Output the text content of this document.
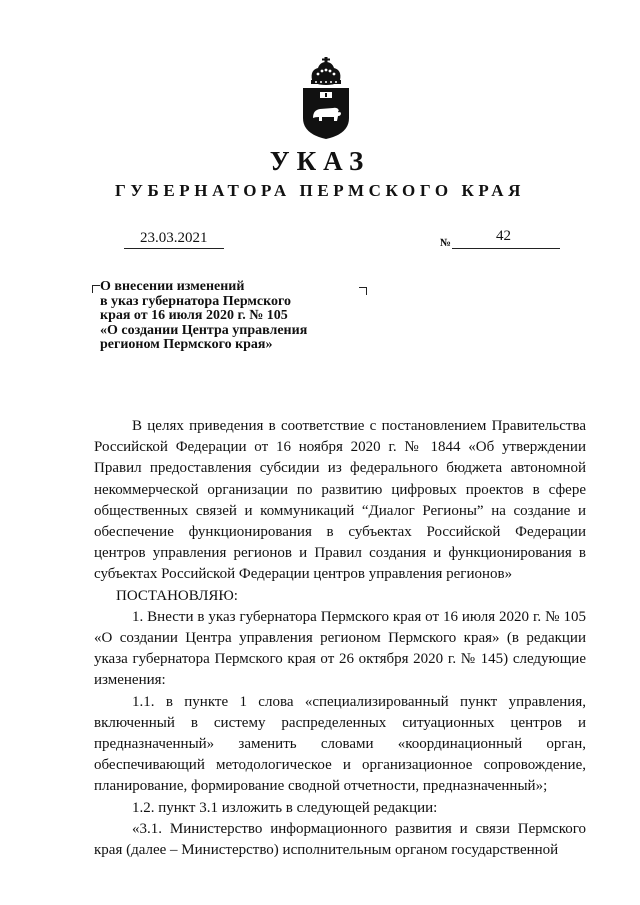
УКАЗ
ГУБЕРНАТОРА ПЕРМСКОГО КРАЯ
23.03.2021	№	42
О внесении изменений
в указ губернатора Пермского
края от 16 июля 2020 г. № 105
«О создании Центра управления
регионом Пермского края»

В целях приведения в соответствие с постановлением Правительства Российской Федерации от 16 ноября 2020 г. № 1844 «Об утверждении Правил предоставления субсидии из федерального бюджета автономной некоммерческой организации по развитию цифровых проектов в сфере общественных связей и коммуникаций “Диалог Регионы” на создание и обеспечение функционирования в субъектах Российской Федерации центров управления регионов и Правил создания и функционирования в субъектах Российской Федерации центров управления регионов»

ПОСТАНОВЛЯЮ:

1. Внести в указ губернатора Пермского края от 16 июля 2020 г. № 105 «О создании Центра управления регионом Пермского края» (в редакции указа губернатора Пермского края от 26 октября 2020 г. № 145) следующие изменения:

1.1. в пункте 1 слова «специализированный пункт управления, включенный в систему распределенных ситуационных центров и предназначенный» заменить словами «координационный орган, обеспечивающий методологическое и организационное сопровождение, планирование, формирование сводной отчетности, предназначенный»;

1.2. пункт 3.1 изложить в следующей редакции:

«3.1. Министерство информационного развития и связи Пермского края (далее – Министерство) исполнительным органом государственной
